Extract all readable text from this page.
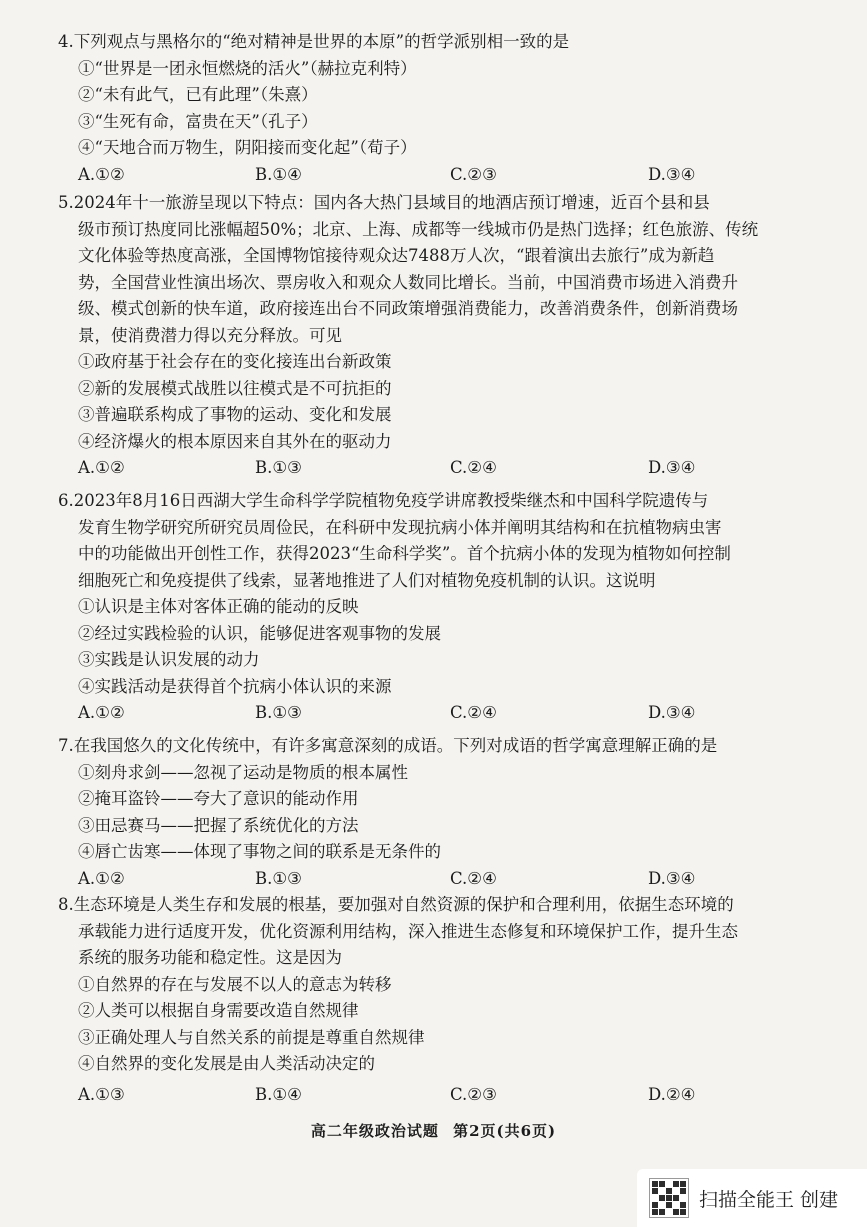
4.下列观点与黑格尔的“绝对精神是世界的本原”的哲学派别相一致的是
①“世界是一团永恒燃烧的活火”（赫拉克利特）
②“未有此气，已有此理”（朱熹）
③“生死有命，富贵在天”（孔子）
④“天地合而万物生，阴阳接而变化起”（荀子）
A.①②	B.①④	C.②③	D.③④
5.2024年十一旅游呈现以下特点：国内各大热门县域目的地酒店预订增速，近百个县和县
级市预订热度同比涨幅超50%；北京、上海、成都等一线城市仍是热门选择；红色旅游、传统
文化体验等热度高涨，全国博物馆接待观众达7488万人次，“跟着演出去旅行”成为新趋
势，全国营业性演出场次、票房收入和观众人数同比增长。当前，中国消费市场进入消费升
级、模式创新的快车道，政府接连出台不同政策增强消费能力，改善消费条件，创新消费场
景，使消费潜力得以充分释放。可见
①政府基于社会存在的变化接连出台新政策
②新的发展模式战胜以往模式是不可抗拒的
③普遍联系构成了事物的运动、变化和发展
④经济爆火的根本原因来自其外在的驱动力
A.①②	B.①③	C.②④	D.③④
6.2023年8月16日西湖大学生命科学学院植物免疫学讲席教授柴继杰和中国科学院遗传与
发育生物学研究所研究员周俭民，在科研中发现抗病小体并阐明其结构和在抗植物病虫害
中的功能做出开创性工作，获得2023“生命科学奖”。首个抗病小体的发现为植物如何控制
细胞死亡和免疫提供了线索，显著地推进了人们对植物免疫机制的认识。这说明
①认识是主体对客体正确的能动的反映
②经过实践检验的认识，能够促进客观事物的发展
③实践是认识发展的动力
④实践活动是获得首个抗病小体认识的来源
A.①②	B.①③	C.②④	D.③④
7.在我国悠久的文化传统中，有许多寓意深刻的成语。下列对成语的哲学寓意理解正确的是
①刻舟求剑——忽视了运动是物质的根本属性
②掩耳盗铃——夸大了意识的能动作用
③田忌赛马——把握了系统优化的方法
④唇亡齿寒——体现了事物之间的联系是无条件的
A.①②	B.①③	C.②④	D.③④
8.生态环境是人类生存和发展的根基，要加强对自然资源的保护和合理利用，依据生态环境的
承载能力进行适度开发，优化资源利用结构，深入推进生态修复和环境保护工作，提升生态
系统的服务功能和稳定性。这是因为
①自然界的存在与发展不以人的意志为转移
②人类可以根据自身需要改造自然规律
③正确处理人与自然关系的前提是尊重自然规律
④自然界的变化发展是由人类活动决定的
A.①③	B.①④	C.②③	D.②④
高二年级政治试题 第2页(共6页)
扫描全能王 创建
